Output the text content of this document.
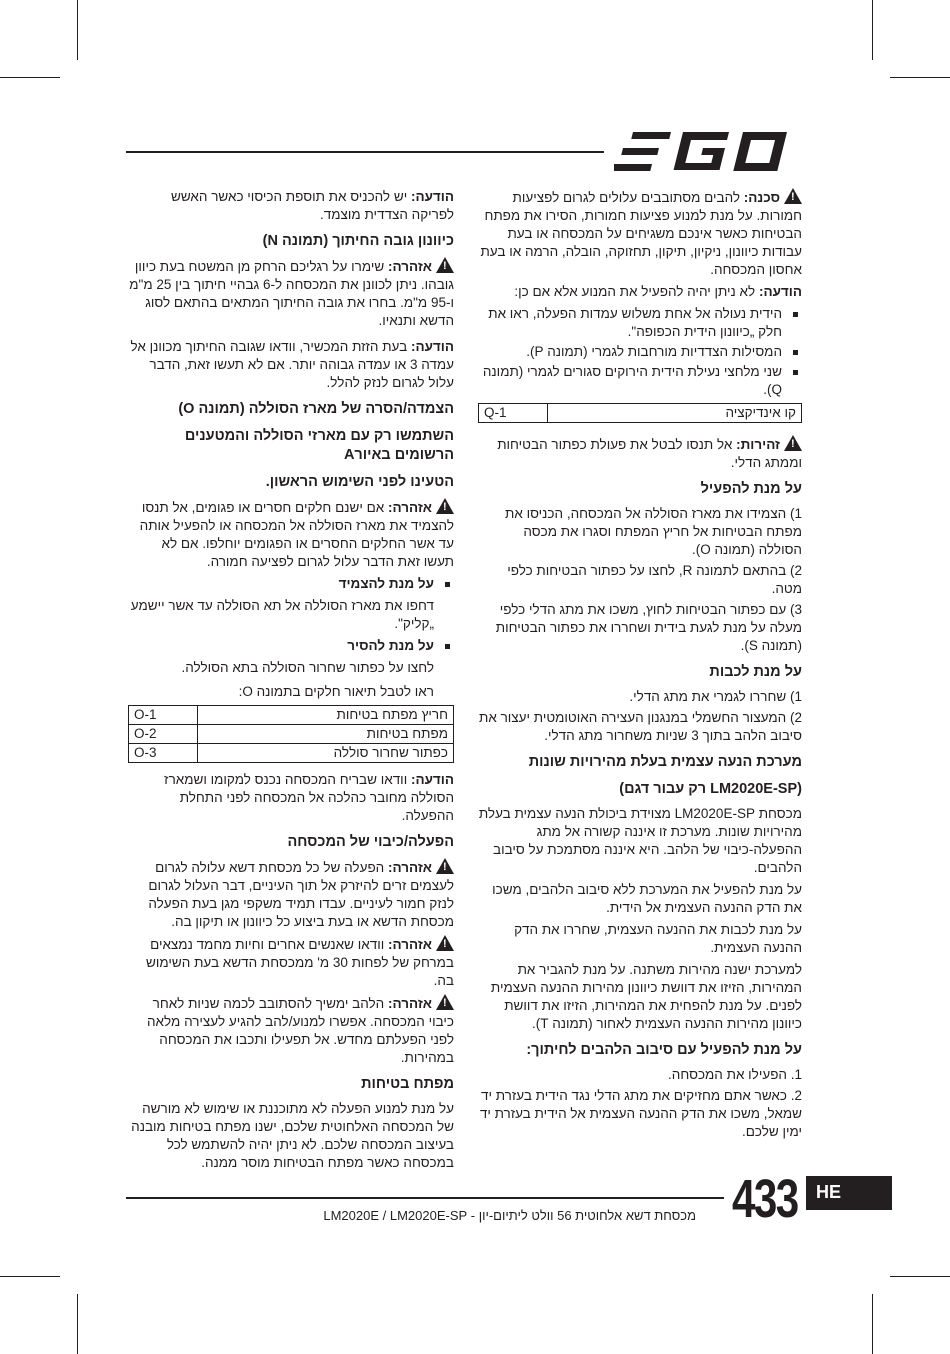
!סכנה: להבים מסתובבים עלולים לגרום לפציעות חמורות. על מנת למנוע פציעות חמורות, הסירו את מפתח הבטיחות כאשר אינכם משגיחים על המכסחה או בעת עבודות כיוונון, ניקיון, תיקון, תחזוקה, הובלה, הרמה או בעת אחסון המכסחה.

הודעה: לא ניתן יהיה להפעיל את המנוע אלא אם כן:

הידית נעולה אל אחת משלוש עמדות הפעלה, ראו את חלק „כיוונון הידית הכפופה".
המסילות הצדדיות מורחבות לגמרי (תמונה P).
שני מלחצי נעילת הידית הירוקים סגורים לגמרי (תמונה Q).
קו אינדיקציה	Q-1

!זהירות: אל תנסו לבטל את פעולת כפתור הבטיחות וממתג הדלי.

על מנת להפעיל

1) הצמידו את מארז הסוללה אל המכסחה, הכניסו את מפתח הבטיחות אל חריץ המפתח וסגרו את מכסה הסוללה (תמונה O).

2) בהתאם לתמונה R, לחצו על כפתור הבטיחות כלפי מטה.

3) עם כפתור הבטיחות לחוץ, משכו את מתג הדלי כלפי מעלה על מנת לגעת בידית ושחררו את כפתור הבטיחות (תמונה S).

על מנת לכבות

1) שחררו לגמרי את מתג הדלי.

2) המעצור החשמלי במנגנון העצירה האוטומטית יעצור את סיבוב הלהב בתוך 3 שניות משחרור מתג הדלי.

מערכת הנעה עצמית בעלת מהירויות שונות
(LM2020E-SP רק עבור דגם)

מכסחת LM2020E-SP מצוידת ביכולת הנעה עצמית בעלת מהירויות שונות. מערכת זו איננה קשורה אל מתג ההפעלה-כיבוי של הלהב. היא איננה מסתמכת על סיבוב הלהבים.

על מנת להפעיל את המערכת ללא סיבוב הלהבים, משכו את הדק ההנעה העצמית אל הידית.

על מנת לכבות את ההנעה העצמית, שחררו את הדק ההנעה העצמית.

למערכת ישנה מהירות משתנה. על מנת להגביר את המהירות, הזיזו את דוושת כיוונון מהירות ההנעה העצמית לפנים. על מנת להפחית את המהירות, הזיזו את דוושת כיוונון מהירות ההנעה העצמית לאחור (תמונה T).

על מנת להפעיל עם סיבוב הלהבים לחיתוך:

1. הפעילו את המכסחה.

2. כאשר אתם מחזיקים את מתג הדלי נגד הידית בעזרת יד שמאל, משכו את הדק ההנעה העצמית אל הידית בעזרת יד ימין שלכם.

הודעה: יש להכניס את תוספת הכיסוי כאשר האשש לפריקה הצדדית מוצמד.

כיוונון גובה החיתוך (תמונה N)

!אזהרה: שימרו על רגליכם הרחק מן המשטח בעת כיוון גובהו. ניתן לכוונן את המכסחה ל-6 גבהיי חיתוך בין 25 מ"מ ו-95 מ"מ. בחרו את גובה החיתוך המתאים בהתאם לסוג הדשא ותנאיו.

הודעה: בעת הזזת המכשיר, וודאו שגובה החיתוך מכוונן אל עמדה 3 או עמדה גבוהה יותר. אם לא תעשו זאת, הדבר עלול לגרום לנזק להלל.

הצמדה/הסרה של מארז הסוללה (תמונה O)
השתמשו רק עם מארזי הסוללה והמטענים הרשומים באיורA
הטעינו לפני השימוש הראשון.

!אזהרה: אם ישנם חלקים חסרים או פגומים, אל תנסו להצמיד את מארז הסוללה אל המכסחה או להפעיל אותה עד אשר החלקים החסרים או הפגומים יוחלפו. אם לא תעשו זאת הדבר עלול לגרום לפציעה חמורה.

על מנת להצמיד

דחפו את מארז הסוללה אל תא הסוללה עד אשר יישמע „קליק".

על מנת להסיר

לחצו על כפתור שחרור הסוללה בתא הסוללה.

ראו לטבל תיאור חלקים בתמונה O:

חריץ מפתח בטיחות	O-1
מפתח בטיחות	O-2
כפתור שחרור סוללה	O-3

הודעה: וודאו שבריח המכסחה נכנס למקומו ושמארז הסוללה מחובר כהלכה אל המכסחה לפני התחלת ההפעלה.

הפעלה/כיבוי של המכסחה

!אזהרה: הפעלה של כל מכסחת דשא עלולה לגרום לעצמים זרים להיזרק אל תוך העיניים, דבר העלול לגרום לנזק חמור לעיניים. עבדו תמיד משקפי מגן בעת הפעלה מכסחת הדשא או בעת ביצוע כל כיוונון או תיקון בה.

!אזהרה: וודאו שאנשים אחרים וחיות מחמד נמצאים במרחק של לפחות 30 מ' ממכסחת הדשא בעת השימוש בה.

!אזהרה: הלהב ימשיך להסתובב לכמה שניות לאחר כיבוי המכסחה. אפשרו למנוע/להב להגיע לעצירה מלאה לפני הפעלתם מחדש. אל תפעילו ותכבו את המכסחה במהירות.

מפתח בטיחות

על מנת למנוע הפעלה לא מתוכננת או שימוש לא מורשה של המכסחה האלחוטית שלכם, ישנו מפתח בטיחות מובנה בעיצוב המכסחה שלכם. לא ניתן יהיה להשתמש לכל במכסחה כאשר מפתח הבטיחות מוסר ממנה.

מכסחת דשא אלחוטית 56 וולט ליתיום-יון - LM2020E / LM2020E-SP 433 HE
